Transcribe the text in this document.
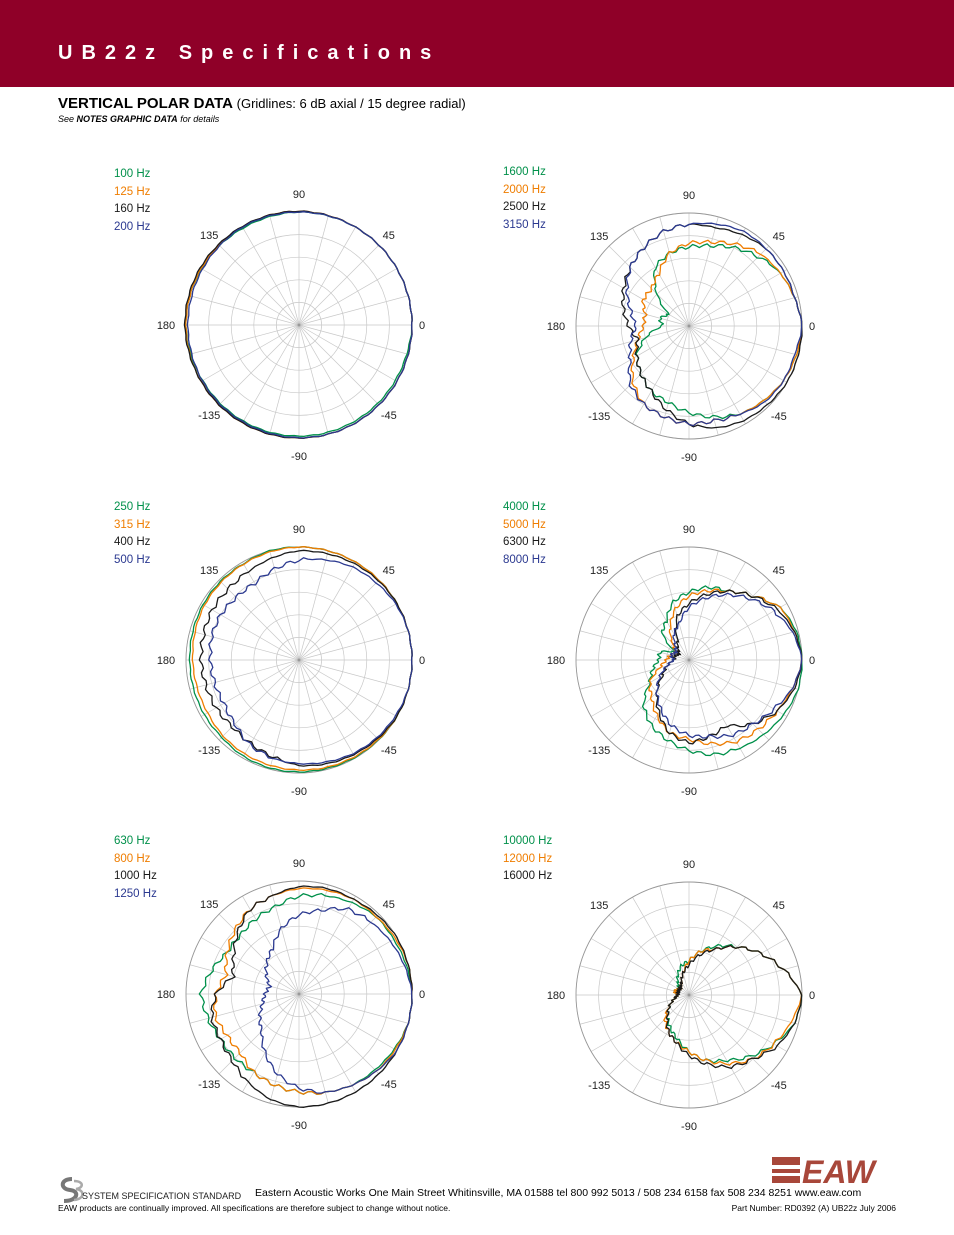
UB22z Specifications
VERTICAL POLAR DATA (Gridlines: 6 dB axial / 15 degree radial)
See NOTES GRAPHIC DATA for details
100 Hz
125 Hz
160 Hz
200 Hz
90
45
0
-45
-90
-135
180
135
1600 Hz
2000 Hz
2500 Hz
3150 Hz
90
45
0
-45
-90
-135
180
135
250 Hz
315 Hz
400 Hz
500 Hz
90
45
0
-45
-90
-135
180
135
4000 Hz
5000 Hz
6300 Hz
8000 Hz
90
45
0
-45
-90
-135
180
135
630 Hz
800 Hz
1000 Hz
1250 Hz
90
45
0
-45
-90
-135
180
135
10000 Hz
12000 Hz
16000 Hz
90
45
0
-45
-90
-135
180
135
SYSTEM SPECIFICATION STANDARD Eastern Acoustic Works One Main Street Whitinsville, MA 01588 tel 800 992 5013 / 508 234 6158 fax 508 234 8251 www.eaw.com
EAW products are continually improved. All specifications are therefore subject to change without notice.	Part Number: RD0392 (A) UB22z July 2006
EAW
